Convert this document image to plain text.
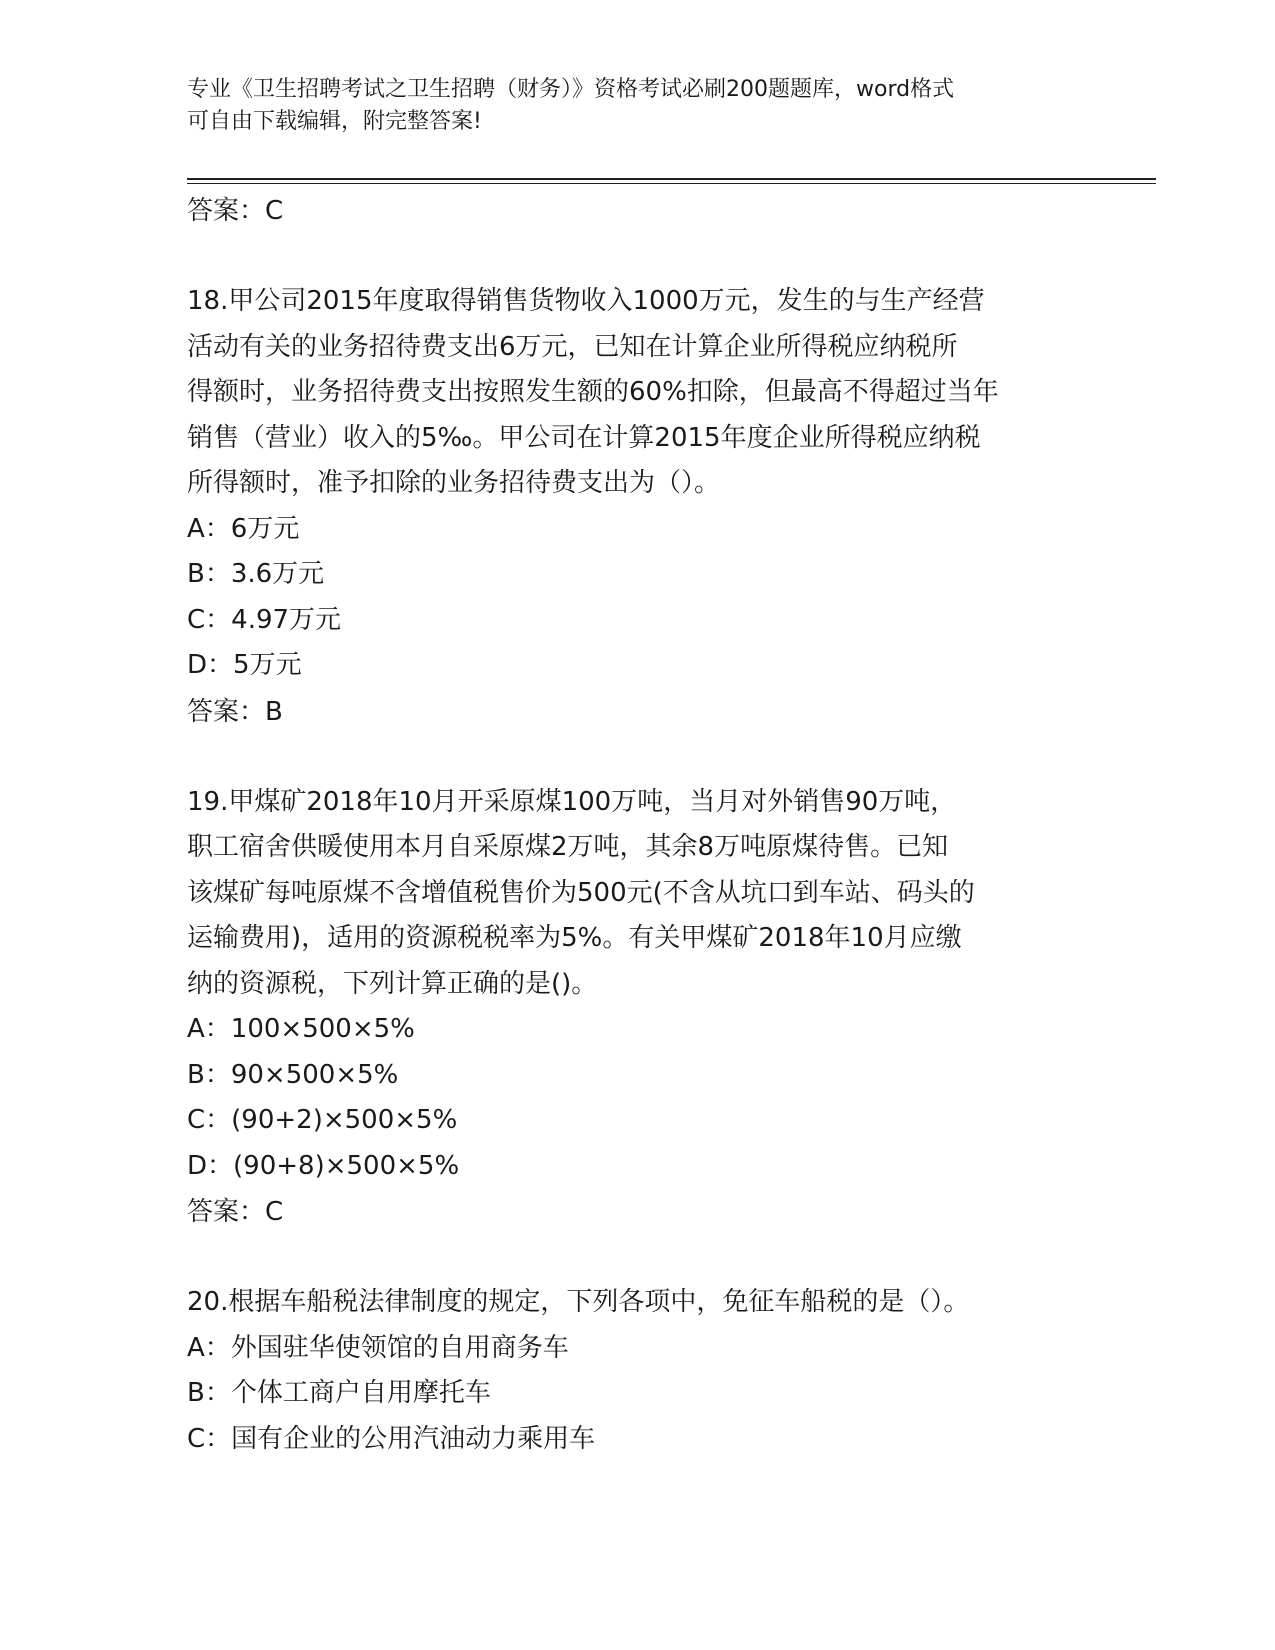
专业《卫生招聘考试之卫生招聘（财务）》资格考试必刷200题题库，word格式
可自由下载编辑，附完整答案!
答案：C
18.甲公司2015年度取得销售货物收入1000万元，发生的与生产经营
活动有关的业务招待费支出6万元，已知在计算企业所得税应纳税所
得额时，业务招待费支出按照发生额的60%扣除，但最高不得超过当年
销售（营业）收入的5‰。甲公司在计算2015年度企业所得税应纳税
所得额时，准予扣除的业务招待费支出为（）。
A：6万元
B：3.6万元
C：4.97万元
D：5万元
答案：B
19.甲煤矿2018年10月开采原煤100万吨，当月对外销售90万吨，
职工宿舍供暖使用本月自采原煤2万吨，其余8万吨原煤待售。已知
该煤矿每吨原煤不含增值税售价为500元(不含从坑口到车站、码头的
运输费用)，适用的资源税税率为5%。有关甲煤矿2018年10月应缴
纳的资源税，下列计算正确的是()。
A：100×500×5%
B：90×500×5%
C：(90+2)×500×5%
D：(90+8)×500×5%
答案：C
20.根据车船税法律制度的规定，下列各项中，免征车船税的是（）。
A：外国驻华使领馆的自用商务车
B：个体工商户自用摩托车
C：国有企业的公用汽油动力乘用车
